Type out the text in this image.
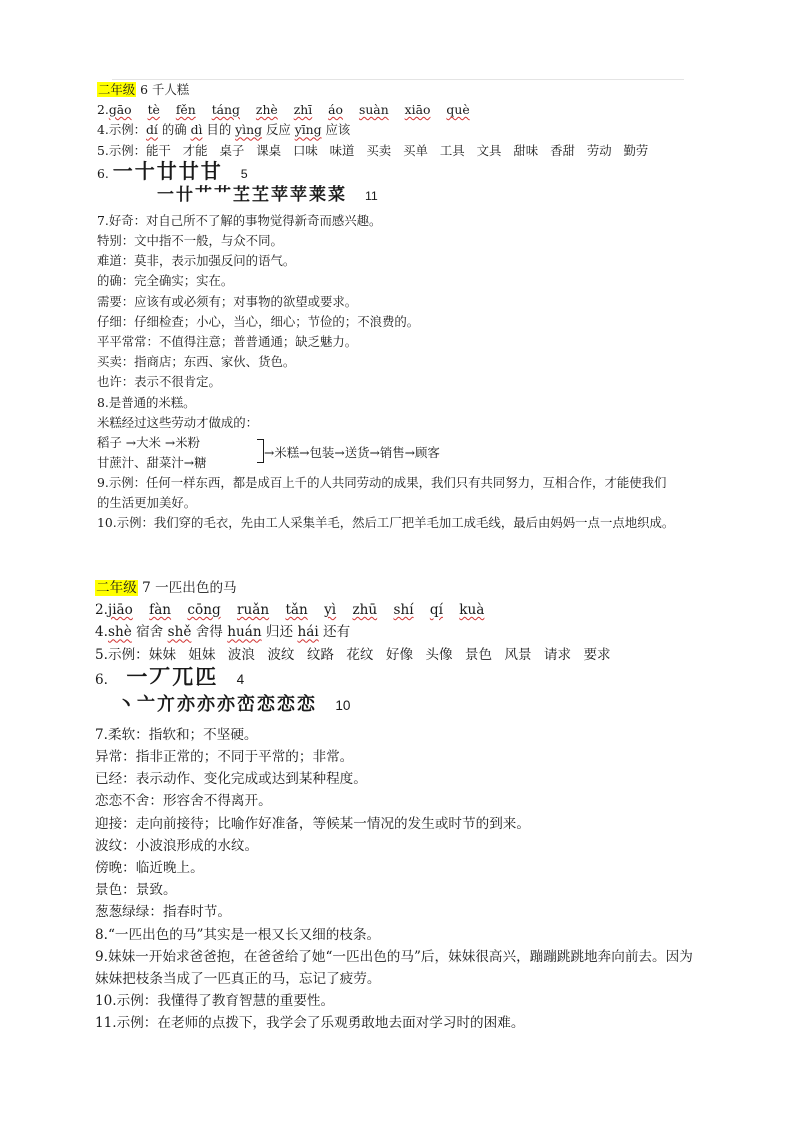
二年级 6 千人糕
2.gāo tè fěn táng zhè zhī áo suàn xiāo què
4.示例：dí 的确 dì 目的 yìng 反应 yīng 应该
5.示例：能干 才能 桌子 课桌 口味 味道 买卖 买单 工具 文具 甜味 香甜 劳动 勤劳
6. 一十廿廿甘 5
一卄艹艹芏芏苹苹莱菜 11
7.好奇：对自己所不了解的事物觉得新奇而感兴趣。
特别：文中指不一般，与众不同。
难道：莫非，表示加强反问的语气。
的确：完全确实；实在。
需要：应该有或必须有；对事物的欲望或要求。
仔细：仔细检查；小心，当心，细心；节俭的；不浪费的。
平平常常：不值得注意；普普通通；缺乏魅力。
买卖：指商店；东西、家伙、货色。
也许：表示不很肯定。
8.是普通的米糕。
米糕经过这些劳动才做成的：
稻子 →大米 →米粉
甘蔗汁、甜菜汁→糖
→米糕→包装→送货→销售→顾客
9.示例：任何一样东西，都是成百上千的人共同劳动的成果，我们只有共同努力，互相合作，才能使我们的生活更加美好。
10.示例：我们穿的毛衣，先由工人采集羊毛，然后工厂把羊毛加工成毛线，最后由妈妈一点一点地织成。
二年级 7 一匹出色的马
2.jiāo fàn cōng ruǎn tǎn yì zhū shí qí kuà
4.shè 宿舍 shě 舍得 huán 归还 hái 还有
5.示例：妹妹 姐妹 波浪 波纹 纹路 花纹 好像 头像 景色 风景 请求 要求
6. 一丆兀匹 4
丶亠亣亦亦亦峦恋恋恋 10
7.柔软：指软和；不坚硬。
异常：指非正常的；不同于平常的；非常。
已经：表示动作、变化完成或达到某种程度。
恋恋不舍：形容舍不得离开。
迎接：走向前接待；比喻作好准备，等候某一情况的发生或时节的到来。
波纹：小波浪形成的水纹。
傍晚：临近晚上。
景色：景致。
葱葱绿绿：指春时节。
8.“一匹出色的马”其实是一根又长又细的枝条。
9.妹妹一开始求爸爸抱，在爸爸给了她“一匹出色的马”后，妹妹很高兴，蹦蹦跳跳地奔向前去。因为妹妹把枝条当成了一匹真正的马，忘记了疲劳。
10.示例：我懂得了教育智慧的重要性。
11.示例：在老师的点拨下，我学会了乐观勇敢地去面对学习时的困难。
